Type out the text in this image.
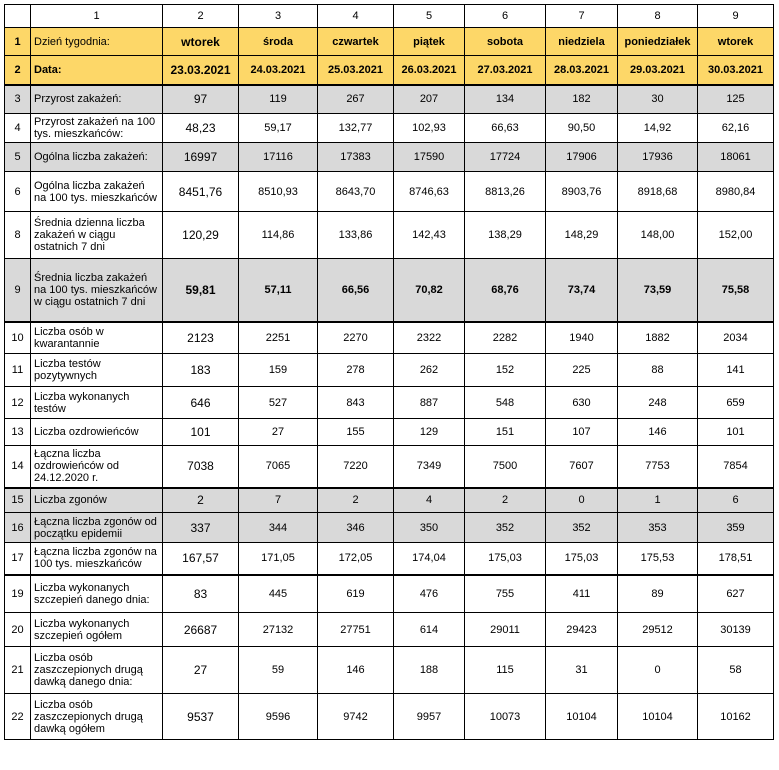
	1	2	3	4	5	6	7	8	9
1	Dzień tygodnia:	wtorek	środa	czwartek	piątek	sobota	niedziela	poniedziałek	wtorek
2	Data:	23.03.2021	24.03.2021	25.03.2021	26.03.2021	27.03.2021	28.03.2021	29.03.2021	30.03.2021
3	Przyrost zakażeń:	97	119	267	207	134	182	30	125
4	Przyrost zakażeń na 100 tys. mieszkańców:	48,23	59,17	132,77	102,93	66,63	90,50	14,92	62,16
5	Ogólna liczba zakażeń:	16997	17116	17383	17590	17724	17906	17936	18061
6	Ogólna liczba zakażeń na 100 tys. mieszkańców	8451,76	8510,93	8643,70	8746,63	8813,26	8903,76	8918,68	8980,84
8	Średnia dzienna liczba zakażeń w ciągu ostatnich 7 dni	120,29	114,86	133,86	142,43	138,29	148,29	148,00	152,00
9	Średnia liczba zakażeń na 100 tys. mieszkańców w ciągu ostatnich 7 dni	59,81	57,11	66,56	70,82	68,76	73,74	73,59	75,58
10	Liczba osób w kwarantannie	2123	2251	2270	2322	2282	1940	1882	2034
11	Liczba testów pozytywnych	183	159	278	262	152	225	88	141
12	Liczba wykonanych testów	646	527	843	887	548	630	248	659
13	Liczba ozdrowieńców	101	27	155	129	151	107	146	101
14	Łączna liczba ozdrowieńców od 24.12.2020 r.	7038	7065	7220	7349	7500	7607	7753	7854
15	Liczba zgonów	2	7	2	4	2	0	1	6
16	Łączna liczba zgonów od początku epidemii	337	344	346	350	352	352	353	359
17	Łączna liczba zgonów na 100 tys. mieszkańców	167,57	171,05	172,05	174,04	175,03	175,03	175,53	178,51
19	Liczba wykonanych szczepień danego dnia:	83	445	619	476	755	411	89	627
20	Liczba wykonanych szczepień ogółem	26687	27132	27751	614	29011	29423	29512	30139
21	Liczba osób zaszczepionych drugą dawką danego dnia:	27	59	146	188	115	31	0	58
22	Liczba osób zaszczepionych drugą dawką ogółem	9537	9596	9742	9957	10073	10104	10104	10162
